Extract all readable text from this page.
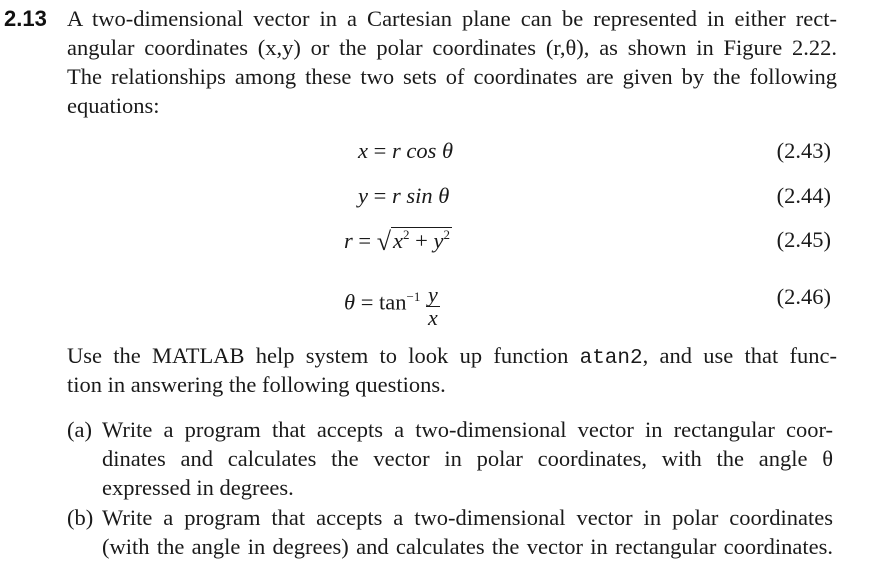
2.13 A two-dimensional vector in a Cartesian plane can be represented in either rect-
angular coordinates (x,y) or the polar coordinates (r,θ), as shown in Figure 2.22.
The relationships among these two sets of coordinates are given by the following
equations:
x = r cos θ	(2.43)
y = r sin θ	(2.44)
$r = √x^2 + y^2$	(2.45)
$\theta = \tan^{-1} \frac{y}{x}$	(2.46)
Use the MATLAB help system to look up function atan2, and use that func-
tion in answering the following questions.
(a) Write a program that accepts a two-dimensional vector in rectangular coor-
dinates and calculates the vector in polar coordinates, with the angle θ
expressed in degrees.
(b) Write a program that accepts a two-dimensional vector in polar coordinates
(with the angle in degrees) and calculates the vector in rectangular coordinates.
